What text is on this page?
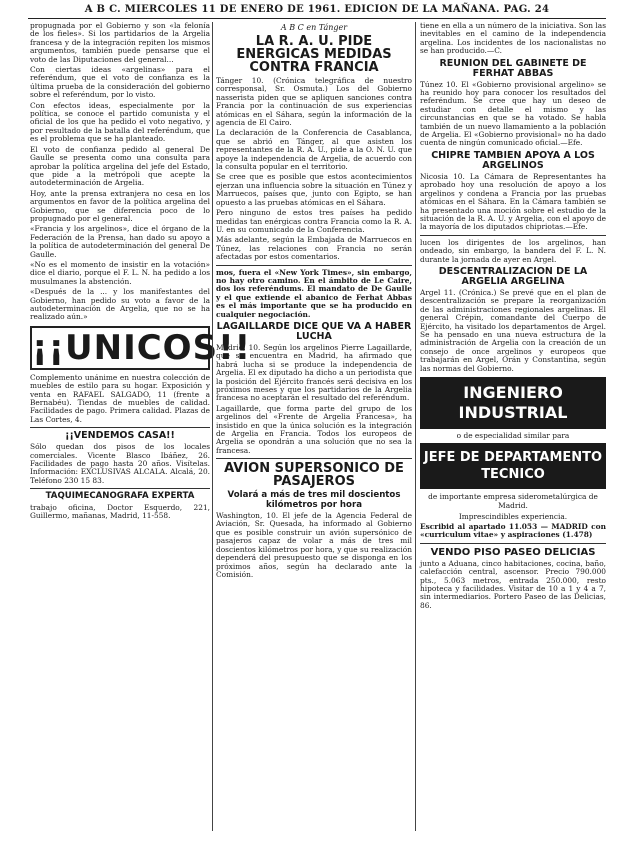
A B C. MIERCOLES 11 DE ENERO DE 1961. EDICION DE LA MAÑANA. PAG. 24

propugnada por el Gobierno y son «la felonía de los fieles». Si los partidarios de la Argelia francesa y de la integración repiten los mismos argumentos, también puede pensarse que el voto de las Diputaciones del general...

Con ciertas ideas «argelinas» para el referéndum, que el voto de confianza es la última prueba de la consideración del gobierno sobre el referéndum, por lo visto.

Con efectos ideas, especialmente por la política, se conoce el partido comunista y el oficial de los que ha pedido el voto negativo, y por resultado de la batalla del referéndum, que es el problema que se ha planteado.

El voto de confianza pedido al general De Gaulle se presenta como una consulta para aprobar la política argelina del jefe del Estado, que pide a la metrópoli que acepte la autodeterminación de Argelia.

Hoy, ante la prensa extranjera no cesa en los argumentos en favor de la política argelina del Gobierno, que se diferencia poco de lo propugnado por el general.

«Francia y los argelinos», dice el órgano de la Federación de la Prensa, han dado su apoyo a la política de autodeterminación del general De Gaulle.

«No es el momento de insistir en la votación» dice el diario, porque el F. L. N. ha pedido a los musulmanes la abstención.

«Después de la ... y los manifestantes del Gobierno, han pedido su voto a favor de la autodeterminación de Argelia, que no se ha realizado aún.»

¡¡UNICOS!!

Complemento unánime en nuestra colección de muebles de estilo para su hogar. Exposición y venta en RAFAEL SALGADO, 11 (frente a Bernabéu). Tiendas de muebles de calidad. Facilidades de pago. Primera calidad. Plazas de Las Cortes, 4.

¡¡VENDEMOS CASA!!

Sólo quedan dos pisos de los locales comerciales. Vicente Blasco Ibáñez, 26. Facilidades de pago hasta 20 años. Visítelas. Información: EXCLUSIVAS ALCALA. Alcalá, 20. Teléfono 230 15 83.

TAQUIMECANOGRAFA EXPERTA

trabajo oficina, Doctor Esquerdo, 221, Guillermo, mañanas, Madrid, 11-558.

A B C en Tánger
LA R. A. U. PIDE ENERGICAS MEDIDAS CONTRA FRANCIA

Tánger 10. (Crónica telegráfica de nuestro corresponsal, Sr. Osmuta.) Los del Gobierno nasserista piden que se apliquen sanciones contra Francia por la continuación de sus experiencias atómicas en el Sáhara, según la información de la agencia de El Cairo.

La declaración de la Conferencia de Casablanca, que se abrió en Tánger, al que asisten los representantes de la R. A. U., pide a la O. N. U. que apoye la independencia de Argelia, de acuerdo con la consulta popular en el territorio.

Se cree que es posible que estos acontecimientos ejerzan una influencia sobre la situación en Túnez y Marruecos, países que, junto con Egipto, se han opuesto a las pruebas atómicas en el Sáhara.

Pero ninguno de estos tres países ha pedido medidas tan enérgicas contra Francia como la R. A. U. en su comunicado de la Conferencia.

Más adelante, según la Embajada de Marruecos en Túnez, las relaciones con Francia no serán afectadas por estos comentarios.

mos, fuera el «New York Times», sin embargo, no hay otro camino. En el ámbito de Le Caire, dos los referéndums. El mandato de De Gaulle y el que extiende el abanico de Ferhat Abbas es el más importante que se ha producido en cualquier negociación.

LAGAILLARDE DICE QUE VA A HABER LUCHA

Madrid, 10. Según los argelinos Pierre Lagaillarde, que se encuentra en Madrid, ha afirmado que habrá lucha si se produce la independencia de Argelia. El ex diputado ha dicho a un periodista que la posición del Ejército francés será decisiva en los próximos meses y que los partidarios de la Argelia francesa no aceptarán el resultado del referéndum.

Lagaillarde, que forma parte del grupo de los argelinos del «Frente de Argelia Francesa», ha insistido en que la única solución es la integración de Argelia en Francia. Todos los europeos de Argelia se opondrán a una solución que no sea la francesa.

AVION SUPERSONICO DE PASAJEROS
Volará a más de tres mil doscientos kilómetros por hora

Washington, 10. El jefe de la Agencia Federal de Aviación, Sr. Quesada, ha informado al Gobierno que es posible construir un avión supersónico de pasajeros capaz de volar a más de tres mil doscientos kilómetros por hora, y que su realización dependerá del presupuesto que se disponga en los próximos años, según ha declarado ante la Comisión.

tiene en ella a un número de la iniciativa. Son las inevitables en el camino de la independencia argelina. Los incidentes de los nacionalistas no se han producido.—C.

REUNION DEL GABINETE DE FERHAT ABBAS

Túnez 10. El «Gobierno provisional argelino» se ha reunido hoy para conocer los resultados del referéndum. Se cree que hay un deseo de estudiar con detalle el mismo y las circunstancias en que se ha votado. Se habla también de un nuevo llamamiento a la población de Argelia. El «Gobierno provisional» no ha dado cuenta de ningún comunicado oficial.—Efe.

CHIPRE TAMBIEN APOYA A LOS ARGELINOS

Nicosia 10. La Cámara de Representantes ha aprobado hoy una resolución de apoyo a los argelinos y condena a Francia por las pruebas atómicas en el Sáhara. En la Cámara también se ha presentado una moción sobre el estudio de la situación de la R. A. U. y Argelia, con el apoyo de la mayoría de los diputados chipriotas.—Efe.

lucen los dirigentes de los argelinos, han ondeado, sin embargo, la bandera del F. L. N. durante la jornada de ayer en Argel.

DESCENTRALIZACION DE LA ARGELIA ARGELINA

Argel 11. (Crónica.) Se prevé que en el plan de descentralización se prepare la reorganización de las administraciones regionales argelinas. El general Crépin, comandante del Cuerpo de Ejército, ha visitado los departamentos de Argel. Se ha pensado en una nueva estructura de la administración de Argelia con la creación de un consejo de once argelinos y europeos que trabajarán en Argel, Orán y Constantina, según las normas del Gobierno.

INGENIERO INDUSTRIAL
o de especialidad similar para
JEFE DE DEPARTAMENTO TECNICO
de importante empresa siderometalúrgica de Madrid.
Imprescindibles experiencia.

Escribid al apartado 11.053 — MADRID con «curriculum vitae» y aspiraciones (1.478)

VENDO PISO PASEO DELICIAS

junto a Aduana, cinco habitaciones, cocina, baño, calefacción central, ascensor. Precio 790.000 pts., 5.063 metros, entrada 250.000, resto hipoteca y facilidades. Visitar de 10 a 1 y 4 a 7, sin intermediarios. Portero Paseo de las Delicias, 86.
